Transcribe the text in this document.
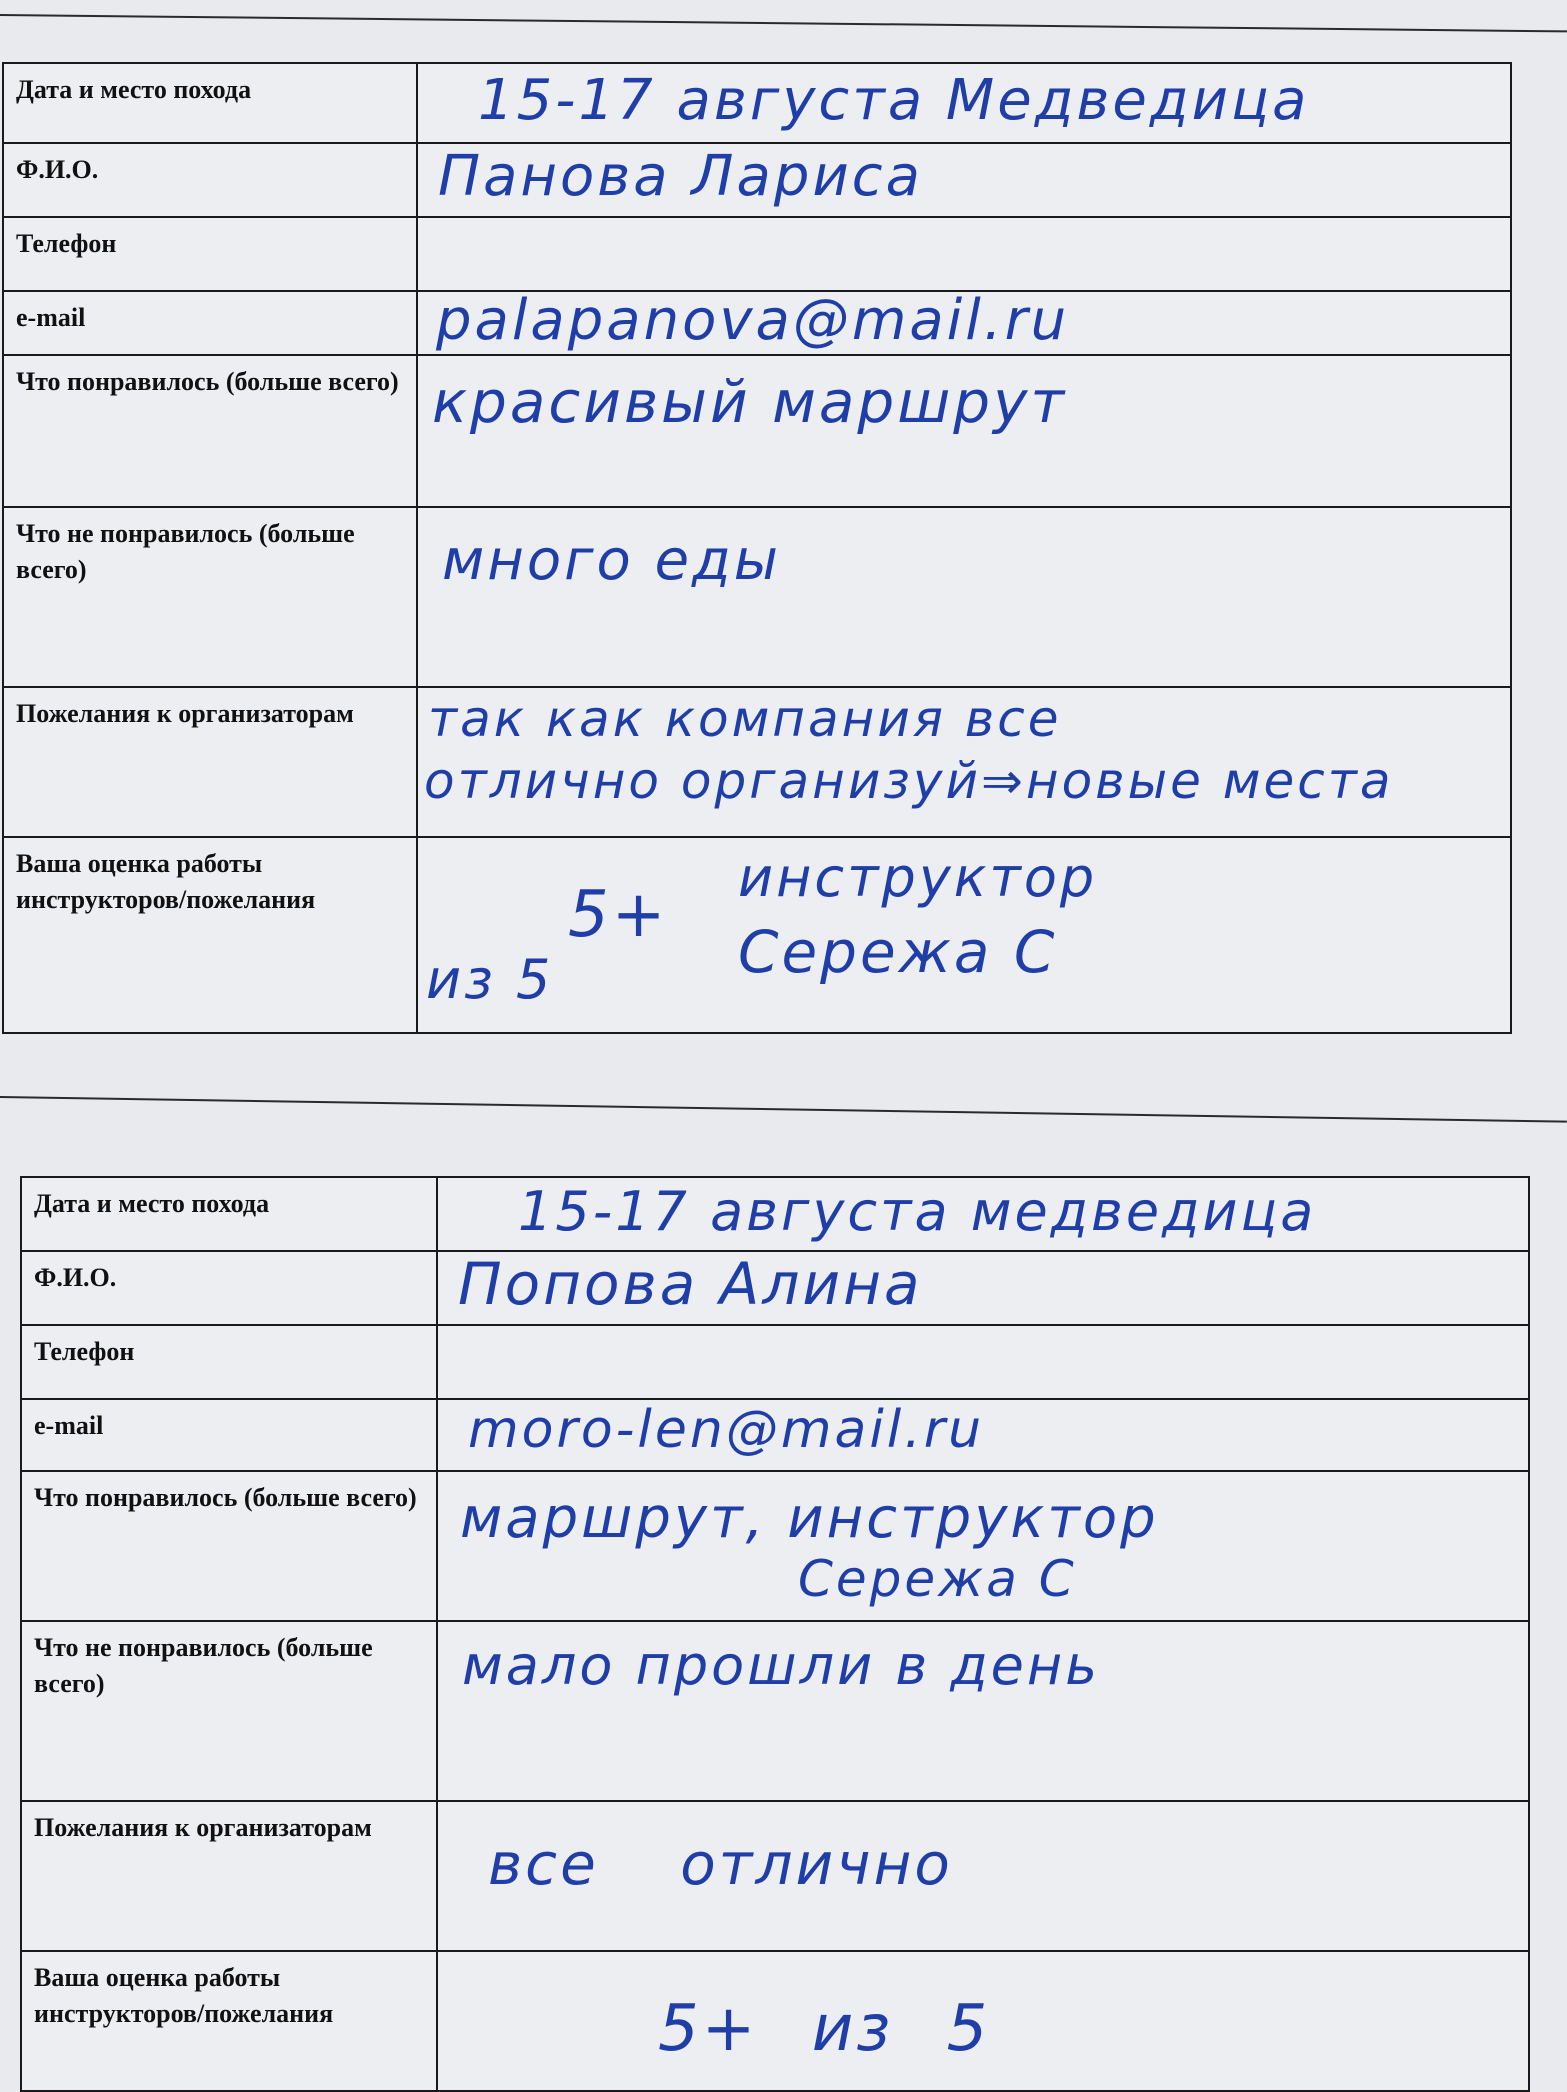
Дата и место похода	15-17 августа Медведица

Ф.И.О.	Панова Лариса

Телефон	

e-mail	palapanova@mail.ru

Что понравилось (больше всего)	красивый маршрут

Что не понравилось (больше всего)	много еды

Пожелания к организаторам	так как компания все
отлично организуй⇒новые места

Ваша оценка работы инструкторов/пожелания	5+
из 5
инструктор
Сережа С
Дата и место похода	15-17 августа медведица

Ф.И.О.	Попова Алина

Телефон	

e-mail	moro-len@mail.ru

Что понравилось (больше всего)	маршрут, инструктор
Сережа С

Что не понравилось (больше всего)	мало прошли в день

Пожелания к организаторам	все отлично

Ваша оценка работы инструкторов/пожелания	5+ из 5
